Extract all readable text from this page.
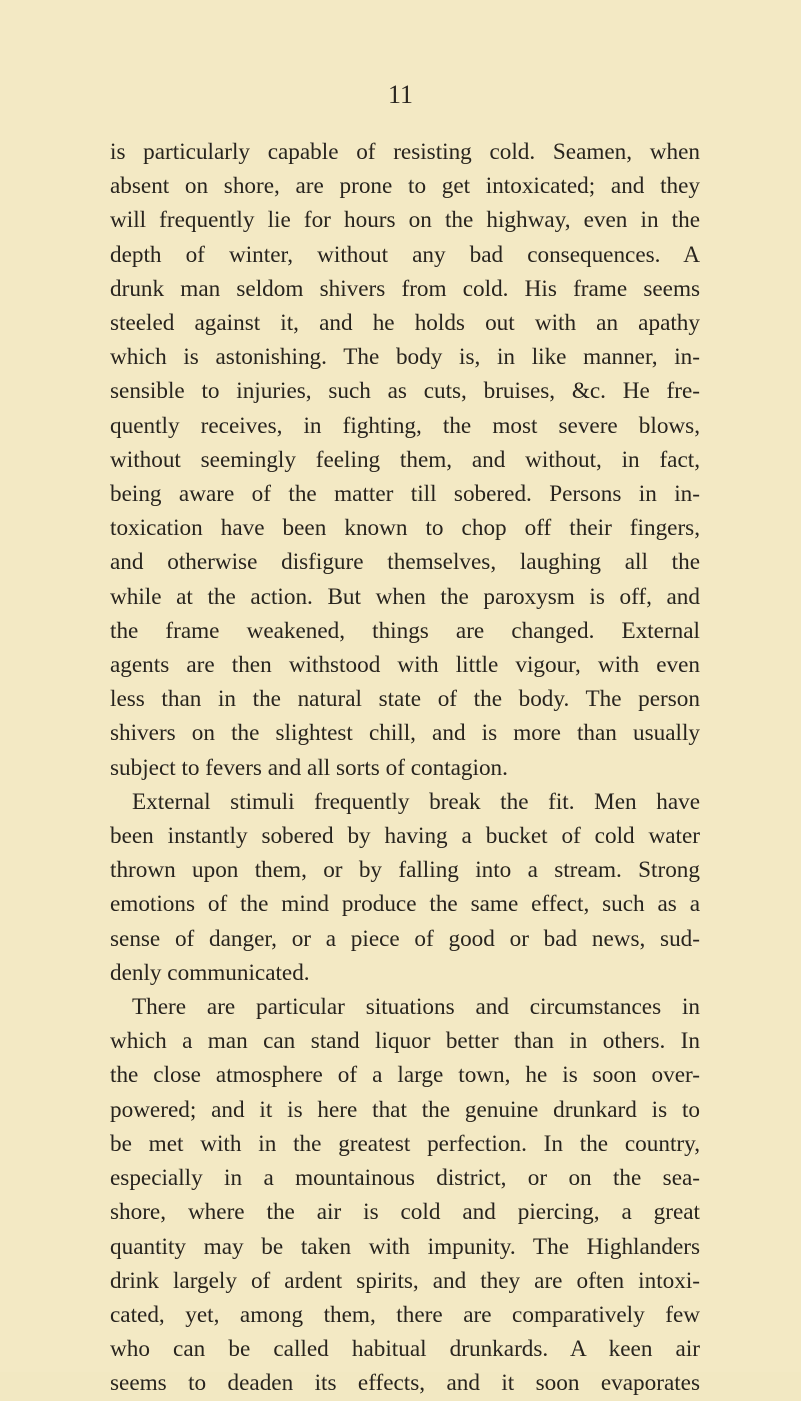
11
is particularly capable of resisting cold. Seamen, when
absent on shore, are prone to get intoxicated; and they
will frequently lie for hours on the highway, even in the
depth of winter, without any bad consequences. A
drunk man seldom shivers from cold. His frame seems
steeled against it, and he holds out with an apathy
which is astonishing. The body is, in like manner, in-
sensible to injuries, such as cuts, bruises, &c. He fre-
quently receives, in fighting, the most severe blows,
without seemingly feeling them, and without, in fact,
being aware of the matter till sobered. Persons in in-
toxication have been known to chop off their fingers,
and otherwise disfigure themselves, laughing all the
while at the action. But when the paroxysm is off, and
the frame weakened, things are changed. External
agents are then withstood with little vigour, with even
less than in the natural state of the body. The person
shivers on the slightest chill, and is more than usually
subject to fevers and all sorts of contagion.
External stimuli frequently break the fit. Men have
been instantly sobered by having a bucket of cold water
thrown upon them, or by falling into a stream. Strong
emotions of the mind produce the same effect, such as a
sense of danger, or a piece of good or bad news, sud-
denly communicated.
There are particular situations and circumstances in
which a man can stand liquor better than in others. In
the close atmosphere of a large town, he is soon over-
powered; and it is here that the genuine drunkard is to
be met with in the greatest perfection. In the country,
especially in a mountainous district, or on the sea-
shore, where the air is cold and piercing, a great
quantity may be taken with impunity. The Highlanders
drink largely of ardent spirits, and they are often intoxi-
cated, yet, among them, there are comparatively few
who can be called habitual drunkards. A keen air
seems to deaden its effects, and it soon evaporates
